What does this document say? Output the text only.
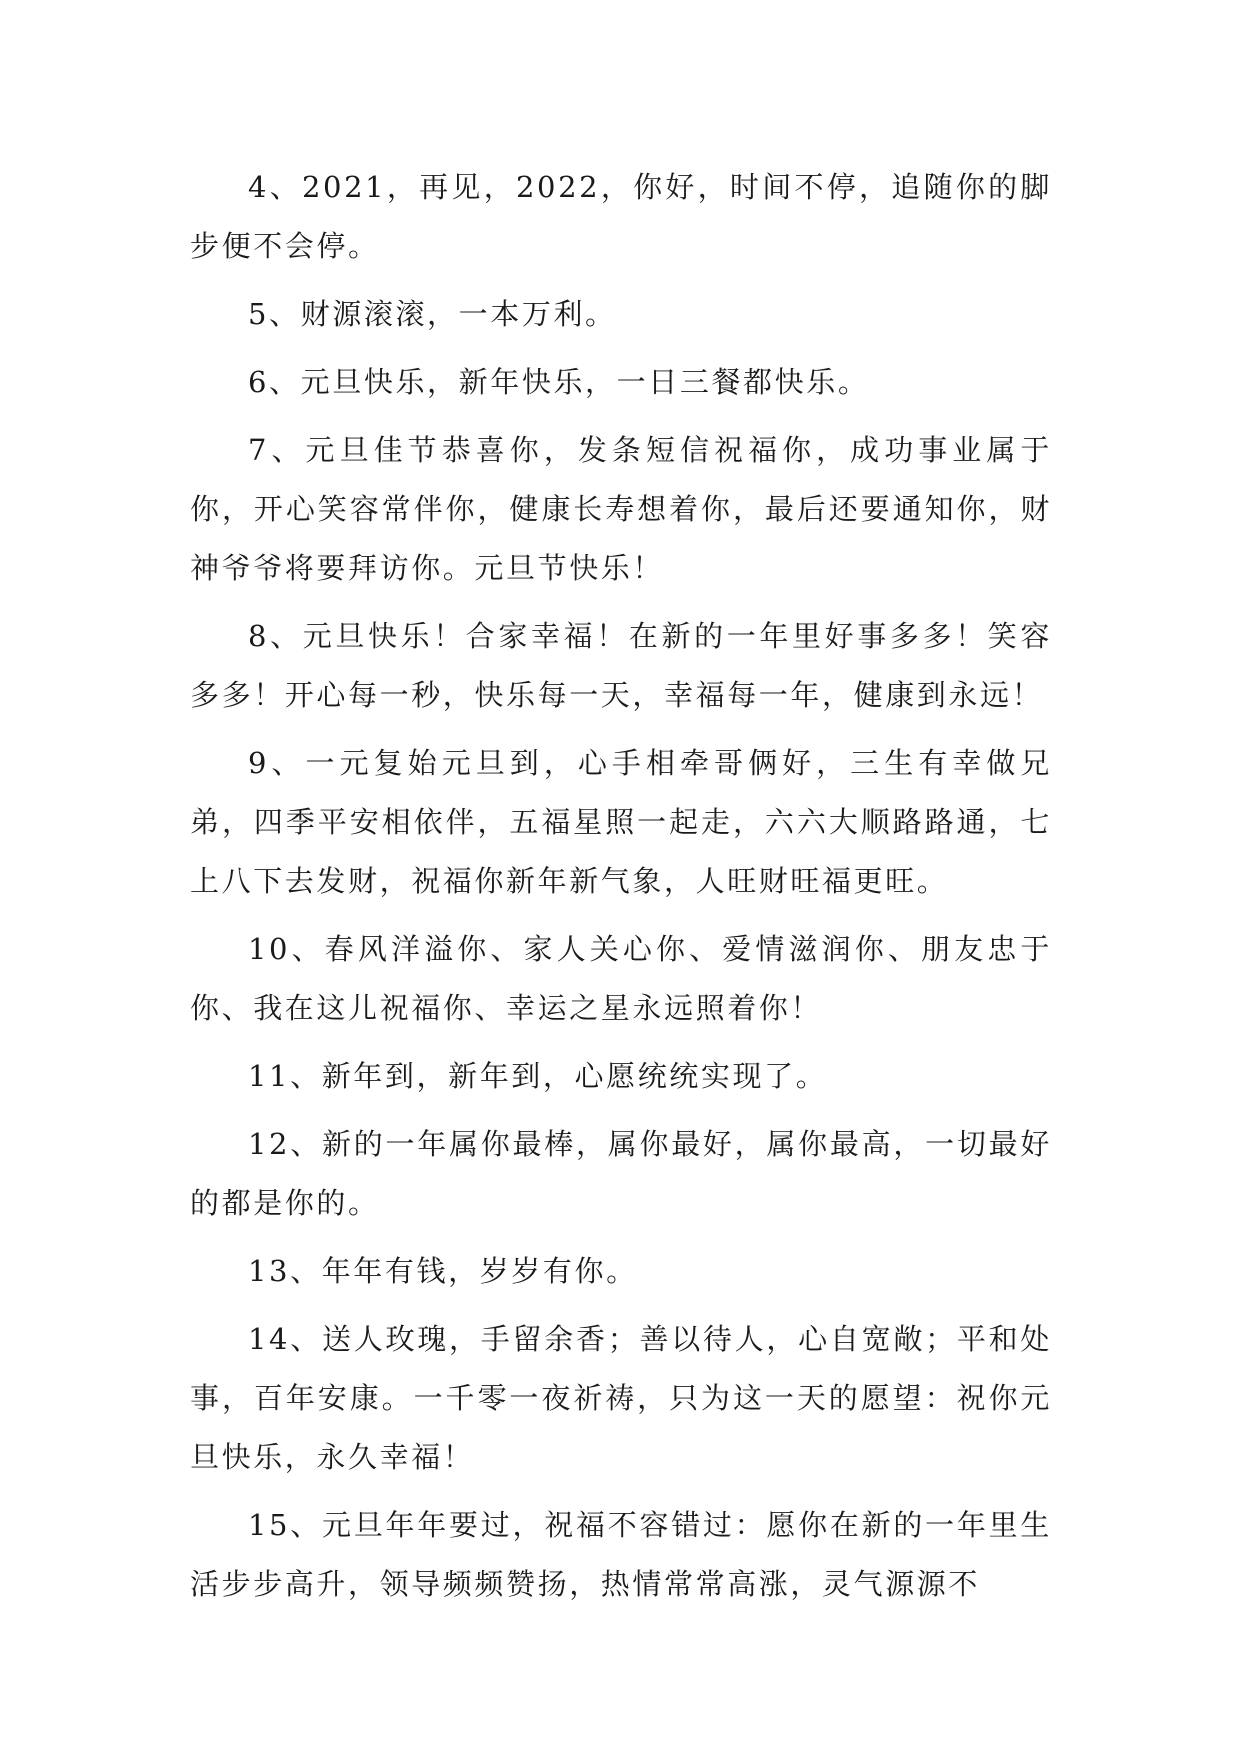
4、2021，再见，2022，你好，时间不停，追随你的脚步便不会停。

5、财源滚滚，一本万利。

6、元旦快乐，新年快乐，一日三餐都快乐。

7、元旦佳节恭喜你，发条短信祝福你，成功事业属于你，开心笑容常伴你，健康长寿想着你，最后还要通知你，财神爷爷将要拜访你。元旦节快乐！

8、元旦快乐！合家幸福！在新的一年里好事多多！笑容多多！开心每一秒，快乐每一天，幸福每一年，健康到永远！

9、一元复始元旦到，心手相牵哥俩好，三生有幸做兄弟，四季平安相依伴，五福星照一起走，六六大顺路路通，七上八下去发财，祝福你新年新气象，人旺财旺福更旺。

10、春风洋溢你、家人关心你、爱情滋润你、朋友忠于你、我在这儿祝福你、幸运之星永远照着你！

11、新年到，新年到，心愿统统实现了。

12、新的一年属你最棒，属你最好，属你最高，一切最好的都是你的。

13、年年有钱，岁岁有你。

14、送人玫瑰，手留余香；善以待人，心自宽敞；平和处事，百年安康。一千零一夜祈祷，只为这一天的愿望：祝你元旦快乐，永久幸福！

15、元旦年年要过，祝福不容错过：愿你在新的一年里生活步步高升，领导频频赞扬，热情常常高涨，灵气源源不
